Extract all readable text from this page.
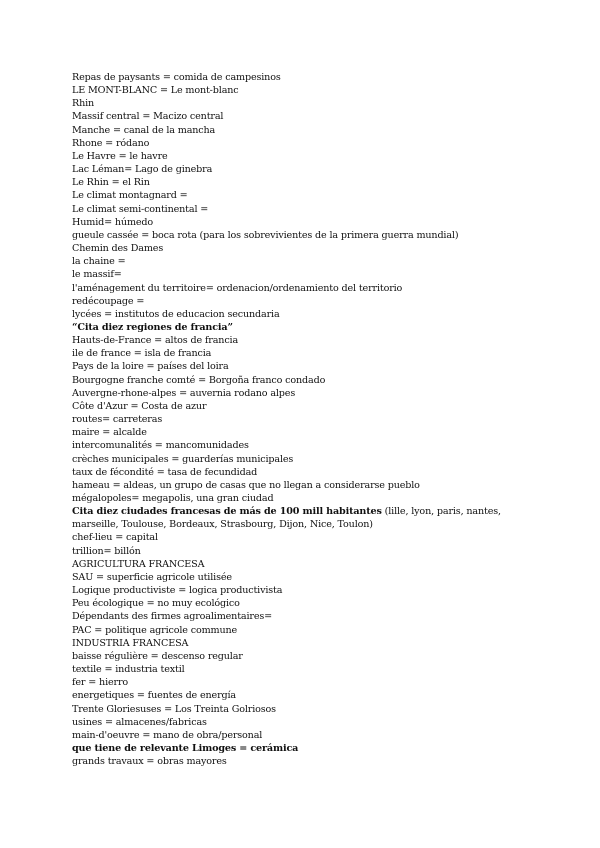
Repas de paysants = comida de campesinos
LE MONT-BLANC = Le mont-blanc
Rhin
Massif central = Macizo central
Manche = canal de la mancha
Rhone = ródano
Le Havre = le havre
Lac Léman= Lago de ginebra
Le Rhin = el Rin
Le climat montagnard =
Le climat semi-continental =
Humid= húmedo
gueule cassée = boca rota (para los sobrevivientes de la primera guerra mundial)
Chemin des Dames
la chaine =
le massif=
l'aménagement du territoire= ordenacion/ordenamiento del territorio
redécoupage =
lycées = institutos de educacion secundaria
“Cita diez regiones de francia”
Hauts-de-France = altos de francia
ile de france = isla de francia
Pays de la loire = países del loira
Bourgogne franche comté = Borgoña franco condado
Auvergne-rhone-alpes = auvernia rodano alpes
Côte d'Azur = Costa de azur
routes= carreteras
maire = alcalde
intercomunalités = mancomunidades
crèches municipales = guarderías municipales
taux de fécondité = tasa de fecundidad
hameau = aldeas, un grupo de casas que no llegan a considerarse pueblo
mégalopoles= megapolis, una gran ciudad
Cita diez ciudades francesas de más de 100 mill habitantes (lille, lyon, paris, nantes, marseille, Toulouse, Bordeaux, Strasbourg, Dijon, Nice, Toulon)
chef-lieu = capital
trillion= billón
AGRICULTURA FRANCESA
SAU = superficie agricole utilisée
Logique productiviste = logica productivista
Peu écologique = no muy ecológico
Dépendants des firmes agroalimentaires=
PAC = politique agricole commune
INDUSTRIA FRANCESA
baisse régulière = descenso regular
textile = industria textil
fer = hierro
energetiques = fuentes de energía
Trente Gloriesuses = Los Treinta Golriosos
usines = almacenes/fabricas
main-d'oeuvre = mano de obra/personal
que tiene de relevante Limoges = cerámica
grands travaux = obras mayores
